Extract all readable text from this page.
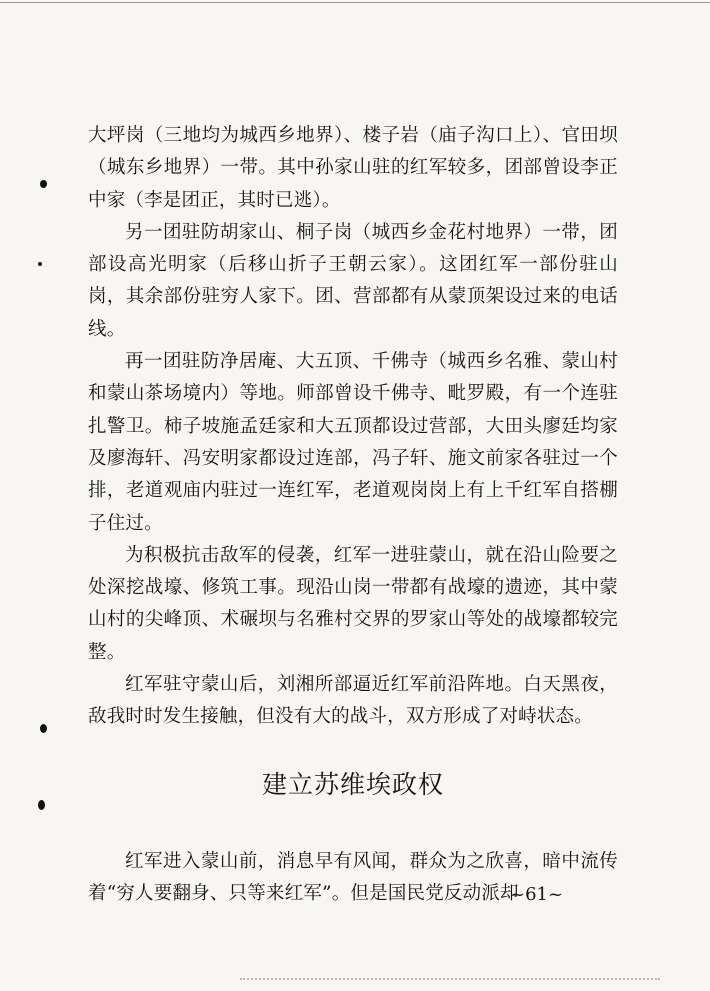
大坪岗（三地均为城西乡地界）、楼子岩（庙子沟口上）、官田坝（城东乡地界）一带。其中孙家山驻的红军较多，团部曾设李正中家（李是团正，其时已逃）。

另一团驻防胡家山、桐子岗（城西乡金花村地界）一带，团部设高光明家（后移山折子王朝云家）。这团红军一部份驻山岗，其余部份驻穷人家下。团、营部都有从蒙顶架设过来的电话线。

再一团驻防净居庵、大五顶、千佛寺（城西乡名雅、蒙山村和蒙山茶场境内）等地。师部曾设千佛寺、毗罗殿，有一个连驻扎警卫。柿子坡施孟廷家和大五顶都设过营部，大田头廖廷均家及廖海轩、冯安明家都设过连部，冯子轩、施文前家各驻过一个排，老道观庙内驻过一连红军，老道观岗岗上有上千红军自搭棚子住过。

为积极抗击敌军的侵袭，红军一进驻蒙山，就在沿山险要之处深挖战壕、修筑工事。现沿山岗一带都有战壕的遗迹，其中蒙山村的尖峰顶、术碾坝与名雅村交界的罗家山等处的战壕都较完整。

红军驻守蒙山后，刘湘所部逼近红军前沿阵地。白天黑夜，敌我时时发生接触，但没有大的战斗，双方形成了对峙状态。

建立苏维埃政权

红军进入蒙山前，消息早有风闻，群众为之欣喜，暗中流传着“穷人要翻身、只等来红军”。但是国民党反动派却

~61~
